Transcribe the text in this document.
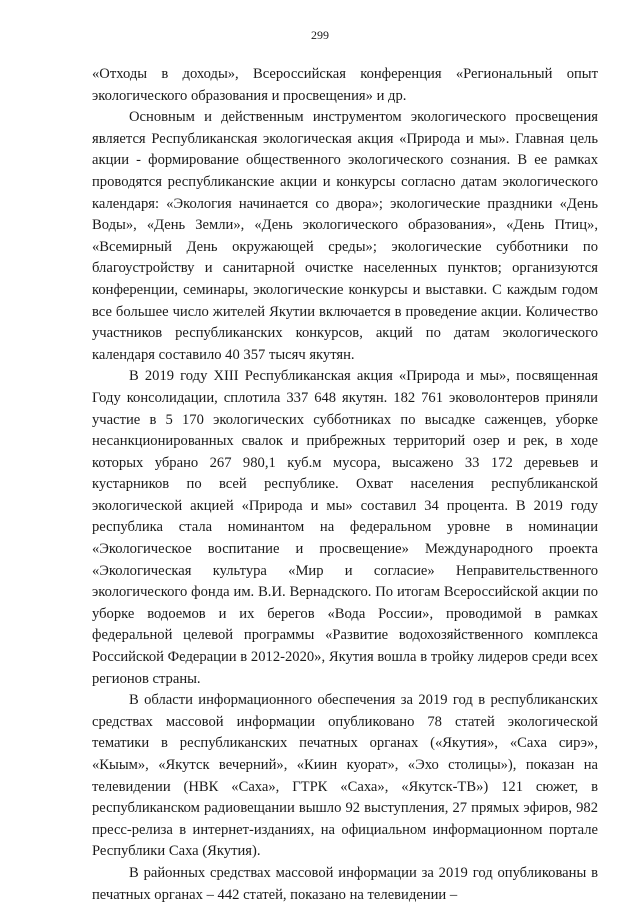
299

«Отходы в доходы», Всероссийская конференция «Региональный опыт экологического образования и просвещения» и др.

Основным и действенным инструментом экологического просвещения является Республиканская экологическая акция «Природа и мы». Главная цель акции - формирование общественного экологического сознания. В ее рамках проводятся республиканские акции и конкурсы согласно датам экологического календаря: «Экология начинается со двора»; экологические праздники «День Воды», «День Земли», «День экологического образования», «День Птиц», «Всемирный День окружающей среды»; экологические субботники по благоустройству и санитарной очистке населенных пунктов; организуются конференции, семинары, экологические конкурсы и выставки. С каждым годом все большее число жителей Якутии включается в проведение акции. Количество участников республиканских конкурсов, акций по датам экологического календаря составило 40 357 тысяч якутян.

В 2019 году XIII Республиканская акция «Природа и мы», посвященная Году консолидации, сплотила 337 648 якутян. 182 761 эковолонтеров приняли участие в 5 170 экологических субботниках по высадке саженцев, уборке несанкционированных свалок и прибрежных территорий озер и рек, в ходе которых убрано 267 980,1 куб.м мусора, высажено 33 172 деревьев и кустарников по всей республике. Охват населения республиканской экологической акцией «Природа и мы» составил 34 процента. В 2019 году республика стала номинантом на федеральном уровне в номинации «Экологическое воспитание и просвещение» Международного проекта «Экологическая культура «Мир и согласие» Неправительственного экологического фонда им. В.И. Вернадского. По итогам Всероссийской акции по уборке водоемов и их берегов «Вода России», проводимой в рамках федеральной целевой программы «Развитие водохозяйственного комплекса Российской Федерации в 2012-2020», Якутия вошла в тройку лидеров среди всех регионов страны.

В области информационного обеспечения за 2019 год в республиканских средствах массовой информации опубликовано 78 статей экологической тематики в республиканских печатных органах («Якутия», «Саха сирэ», «Кыым», «Якутск вечерний», «Киин куорат», «Эхо столицы»), показан на телевидении (НВК «Саха», ГТРК «Саха», «Якутск-ТВ») 121 сюжет, в республиканском радиовещании вышло 92 выступления, 27 прямых эфиров, 982 пресс-релиза в интернет-изданиях, на официальном информационном портале Республики Саха (Якутия).

В районных средствах массовой информации за 2019 год опубликованы в печатных органах – 442 статей, показано на телевидении –
